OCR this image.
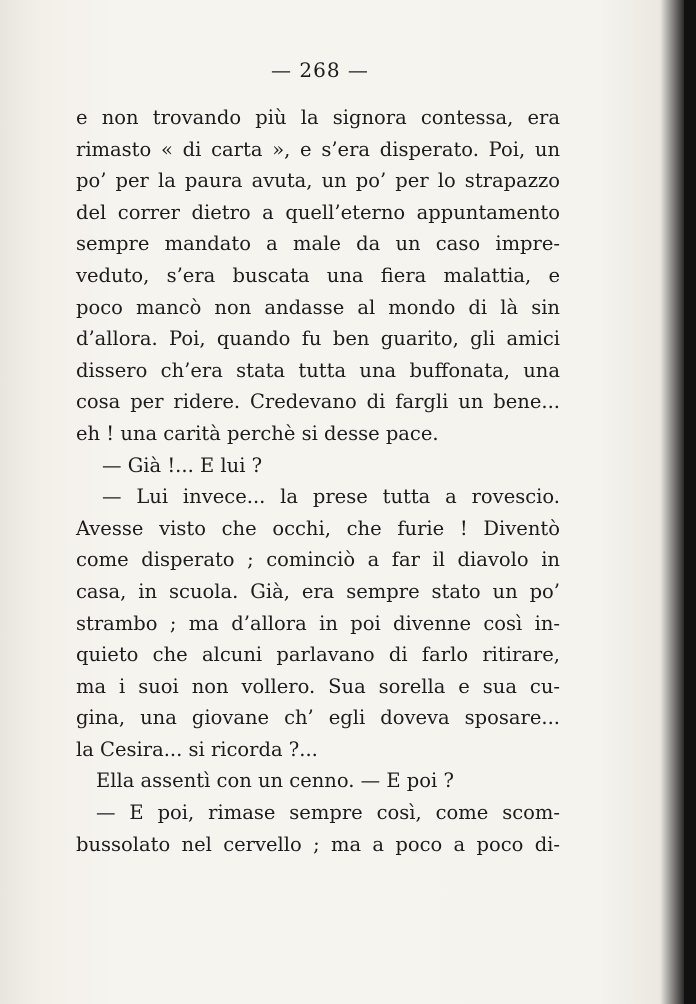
— 268 —
e non trovando più la signora contessa, era
rimasto « di carta », e s’era disperato. Poi, un
po’ per la paura avuta, un po’ per lo strapazzo
del correr dietro a quell’eterno appuntamento
sempre mandato a male da un caso impre-
veduto, s’era buscata una fiera malattia, e
poco mancò non andasse al mondo di là sin
d’allora. Poi, quando fu ben guarito, gli amici
dissero ch’era stata tutta una buffonata, una
cosa per ridere. Credevano di fargli un bene...
eh ! una carità perchè si desse pace.
— Già !... E lui ?
— Lui invece... la prese tutta a rovescio.
Avesse visto che occhi, che furie ! Diventò
come disperato ; cominciò a far il diavolo in
casa, in scuola. Già, era sempre stato un po’
strambo ; ma d’allora in poi divenne così in-
quieto che alcuni parlavano di farlo ritirare,
ma i suoi non vollero. Sua sorella e sua cu-
gina, una giovane ch’ egli doveva sposare...
la Cesira... si ricorda ?...
Ella assentì con un cenno. — E poi ?
— E poi, rimase sempre così, come scom-
bussolato nel cervello ; ma a poco a poco di-
